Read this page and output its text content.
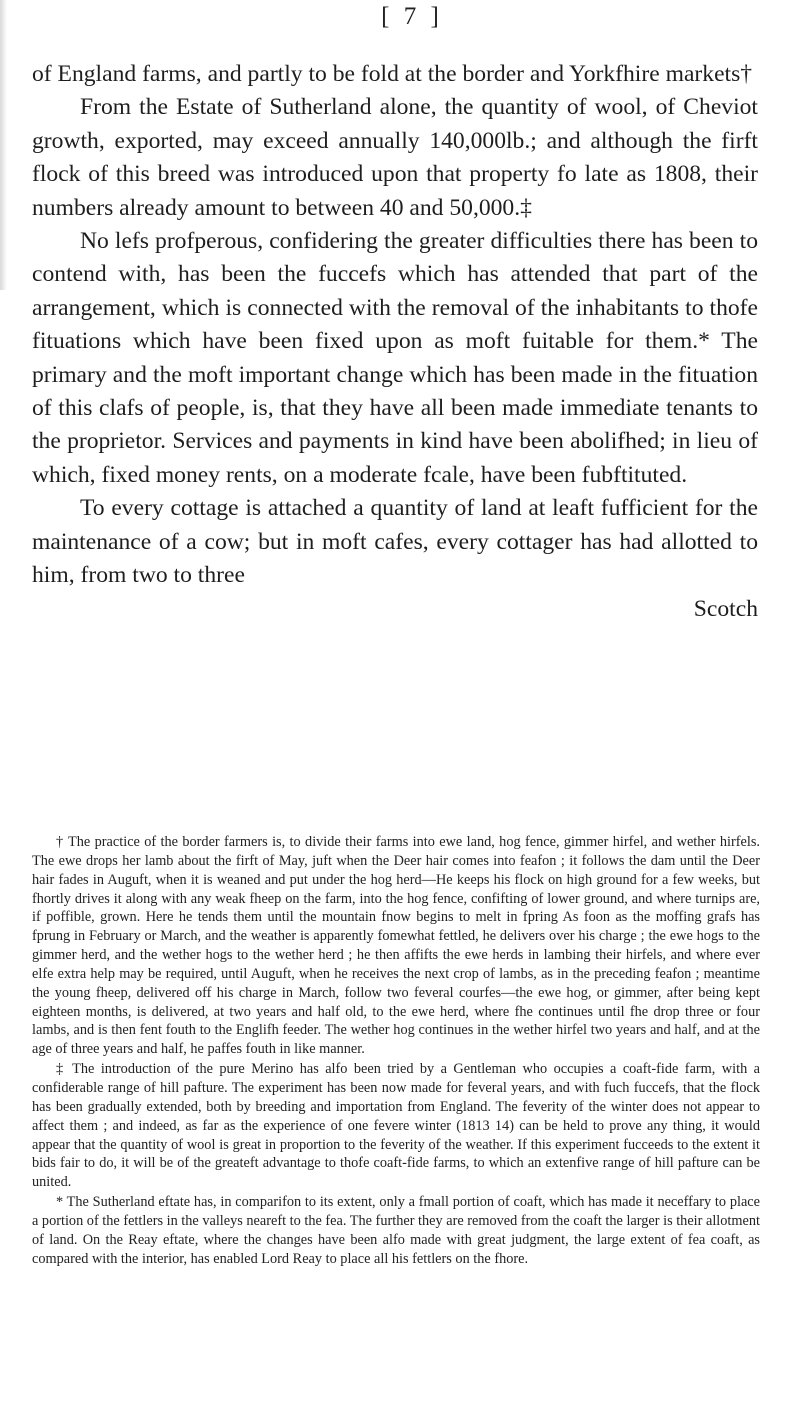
[ 7 ]

of England farms, and partly to be fold at the border and Yorkfhire markets†

From the Estate of Sutherland alone, the quantity of wool, of Cheviot growth, exported, may exceed annually 140,000lb.; and although the firft flock of this breed was introduced upon that property fo late as 1808, their numbers already amount to between 40 and 50,000.‡

No lefs profperous, confidering the greater difficulties there has been to contend with, has been the fuccefs which has attended that part of the arrangement, which is connected with the removal of the inhabitants to thofe fituations which have been fixed upon as moft fuitable for them.* The primary and the moft important change which has been made in the fituation of this clafs of people, is, that they have all been made immediate tenants to the proprietor. Services and payments in kind have been abolifhed; in lieu of which, fixed money rents, on a moderate fcale, have been fubftituted.

To every cottage is attached a quantity of land at leaft fufficient for the maintenance of a cow; but in moft cafes, every cottager has had allotted to him, from two to three

Scotch

† The practice of the border farmers is, to divide their farms into ewe land, hog fence, gimmer hirfel, and wether hirfels. The ewe drops her lamb about the firft of May, juft when the Deer hair comes into feafon ; it follows the dam until the Deer hair fades in Auguft, when it is weaned and put under the hog herd—He keeps his flock on high ground for a few weeks, but fhortly drives it along with any weak fheep on the farm, into the hog fence, confifting of lower ground, and where turnips are, if poffible, grown. Here he tends them until the mountain fnow begins to melt in fpring As foon as the moffing grafs has fprung in February or March, and the weather is apparently fomewhat fettled, he delivers over his charge ; the ewe hogs to the gimmer herd, and the wether hogs to the wether herd ; he then affifts the ewe herds in lambing their hirfels, and where ever elfe extra help may be required, until Auguft, when he receives the next crop of lambs, as in the preceding feafon ; meantime the young fheep, delivered off his charge in March, follow two feveral courfes—the ewe hog, or gimmer, after being kept eighteen months, is delivered, at two years and half old, to the ewe herd, where fhe continues until fhe drop three or four lambs, and is then fent fouth to the Englifh feeder. The wether hog continues in the wether hirfel two years and half, and at the age of three years and half, he paffes fouth in like manner.

‡ The introduction of the pure Merino has alfo been tried by a Gentleman who occupies a coaft-fide farm, with a confiderable range of hill pafture. The experiment has been now made for feveral years, and with fuch fuccefs, that the flock has been gradually extended, both by breeding and importation from England. The feverity of the winter does not appear to affect them ; and indeed, as far as the experience of one fevere winter (1813 14) can be held to prove any thing, it would appear that the quantity of wool is great in proportion to the feverity of the weather. If this experiment fucceeds to the extent it bids fair to do, it will be of the greateft advantage to thofe coaft-fide farms, to which an extenfive range of hill pafture can be united.

* The Sutherland eftate has, in comparifon to its extent, only a fmall portion of coaft, which has made it neceffary to place a portion of the fettlers in the valleys neareft to the fea. The further they are removed from the coaft the larger is their allotment of land. On the Reay eftate, where the changes have been alfo made with great judgment, the large extent of fea coaft, as compared with the interior, has enabled Lord Reay to place all his fettlers on the fhore.
